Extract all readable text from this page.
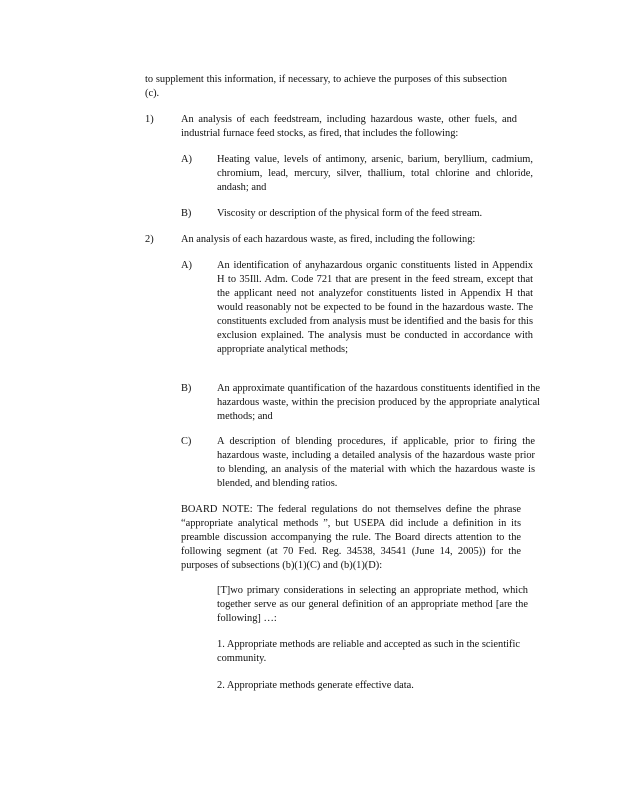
to supplement this information, if necessary, to achieve the purposes of this subsection (c).
1)	An analysis of each feedstream, including hazardous waste, other fuels, and industrial furnace feed stocks, as fired, that includes the following:
A) Heating value, levels of antimony, arsenic, barium, beryllium, cadmium, chromium, lead, mercury, silver, thallium, total chlorine and chloride, andash; and
B) Viscosity or description of the physical form of the feed stream.
2)	An analysis of each hazardous waste, as fired, including the following:
A) An identification of anyhazardous organic constituents listed in Appendix H to 35Ill. Adm. Code 721 that are present in the feed stream, except that the applicant need not analyzefor constituents listed in Appendix H that would reasonably not be expected to be found in the hazardous waste. The constituents excluded from analysis must be identified and the basis for this exclusion explained. The analysis must be conducted in accordance with appropriate analytical methods;
B) An approximate quantification of the hazardous constituents identified in the hazardous waste, within the precision produced by the appropriate analytical methods; and
C) A description of blending procedures, if applicable, prior to firing the hazardous waste, including a detailed analysis of the hazardous waste prior to blending, an analysis of the material with which the hazardous waste is blended, and blending ratios.
BOARD NOTE: The federal regulations do not themselves define the phrase “appropriate analytical methods ”, but USEPA did include a definition in its preamble discussion accompanying the rule. The Board directs attention to the following segment (at 70 Fed. Reg. 34538, 34541 (June 14, 2005)) for the purposes of subsections (b)(1)(C) and (b)(1)(D):
[T]wo primary considerations in selecting an appropriate method, which together serve as our general definition of an appropriate method [are the following] …:
1. Appropriate methods are reliable and accepted as such in the scientific community.
2. Appropriate methods generate effective data.
